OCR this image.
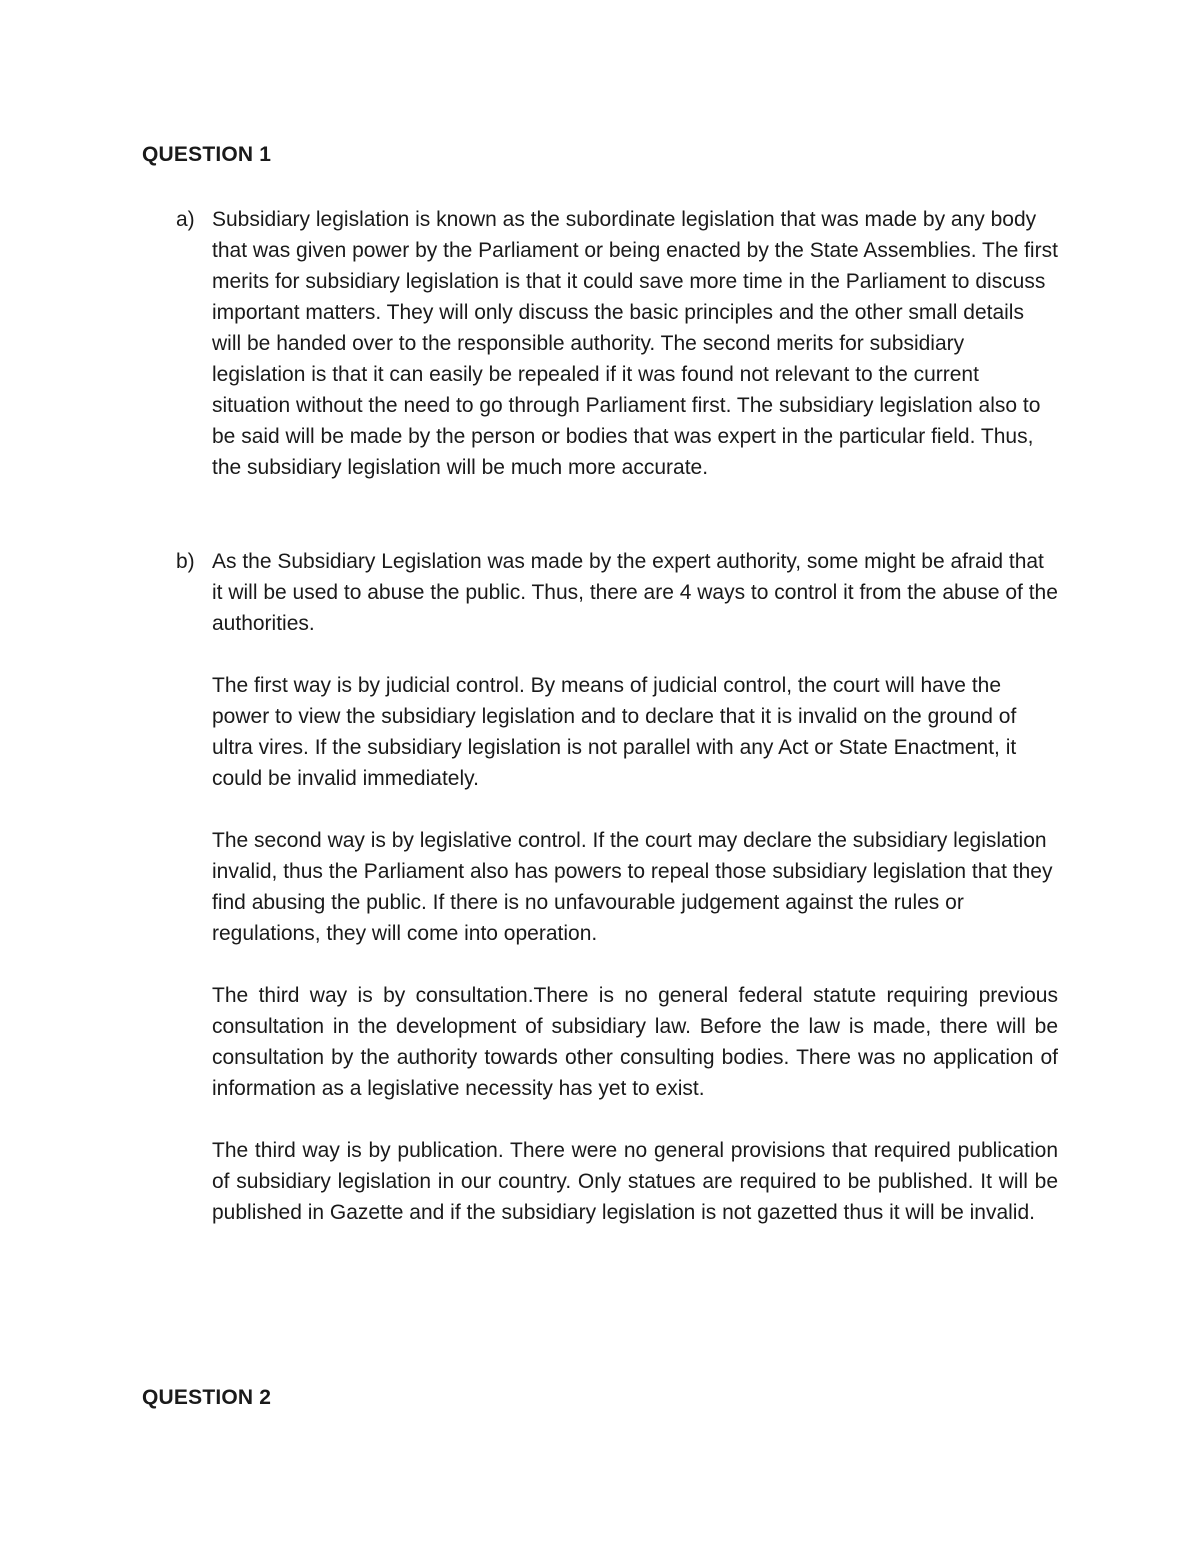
QUESTION 1
a) Subsidiary legislation is known as the subordinate legislation that was made by any body that was given power by the Parliament or being enacted by the State Assemblies. The first merits for subsidiary legislation is that it could save more time in the Parliament to discuss important matters. They will only discuss the basic principles and the other small details will be handed over to the responsible authority. The second merits for subsidiary legislation is that it can easily be repealed if it was found not relevant to the current situation without the need to go through Parliament first. The subsidiary legislation also to be said will be made by the person or bodies that was expert in the particular field. Thus, the subsidiary legislation will be much more accurate.

b) As the Subsidiary Legislation was made by the expert authority, some might be afraid that it will be used to abuse the public. Thus, there are 4 ways to control it from the abuse of the authorities.

The first way is by judicial control. By means of judicial control, the court will have the power to view the subsidiary legislation and to declare that it is invalid on the ground of ultra vires. If the subsidiary legislation is not parallel with any Act or State Enactment, it could be invalid immediately.

The second way is by legislative control. If the court may declare the subsidiary legislation invalid, thus the Parliament also has powers to repeal those subsidiary legislation that they find abusing the public. If there is no unfavourable judgement against the rules or regulations, they will come into operation.

The third way is by consultation.There is no general federal statute requiring previous consultation in the development of subsidiary law. Before the law is made, there will be consultation by the authority towards other consulting bodies. There was no application of information as a legislative necessity has yet to exist.

The third way is by publication. There were no general provisions that required publication of subsidiary legislation in our country. Only statues are required to be published. It will be published in Gazette and if the subsidiary legislation is not gazetted thus it will be invalid.

QUESTION 2
